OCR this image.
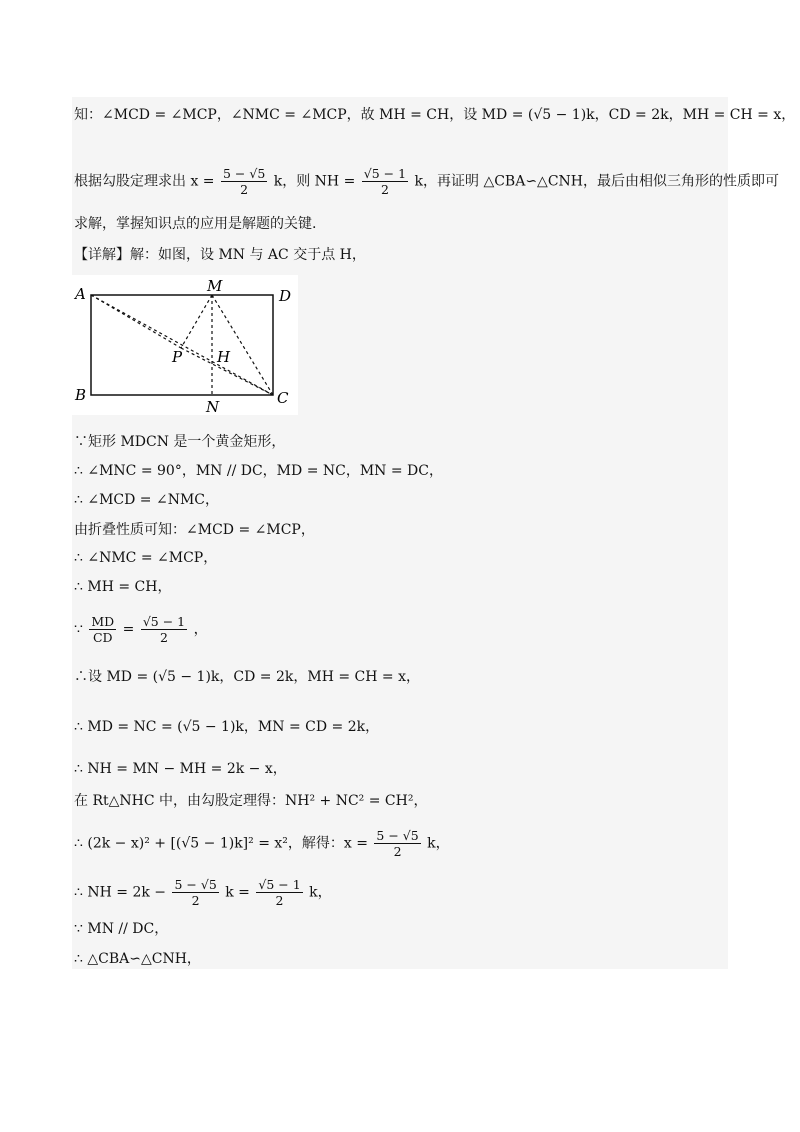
知：∠MCD = ∠MCP，∠NMC = ∠MCP，故 MH = CH，设 MD = (√5 − 1)k，CD = 2k，MH = CH = x，
根据勾股定理求出 $x = \frac{5 - √5}{2}$ k，则 NH = $\frac{√5 - 1}{2}$ k，再证明 △CBA∽△CNH，最后由相似三角形的性质即可
求解，掌握知识点的应用是解题的关键.
【详解】解：如图，设 MN 与 AC 交于点 H，
A	M
D
P H
B
N	C
∵矩形 MDCN 是一个黄金矩形，
∴ ∠MNC = 90°，MN // DC，MD = NC，MN = DC，
∴ ∠MCD = ∠NMC，
由折叠性质可知：∠MCD = ∠MCP，
∴ ∠NMC = ∠MCP，
∴ MH = CH，
∵ $\frac{MD}{CD} = \frac{√5 - 1}{2}$ ，
∴设 MD = (√5 − 1)k，CD = 2k，MH = CH = x，
∴ MD = NC = (√5 − 1)k，MN = CD = 2k，
∴ NH = MN − MH = 2k − x，
在 Rt△NHC 中，由勾股定理得：NH² + NC² = CH²，
∴ (2k − x)² + [(√5 − 1)k]² = x²，解得：$x = \frac{5 - √5}{2}$ k，
∴ NH = $2k - \frac{5 - √5}{2}$ $k = \frac{√5 - 1}{2}$ k，
∵ MN // DC，
∴ △CBA∽△CNH，
